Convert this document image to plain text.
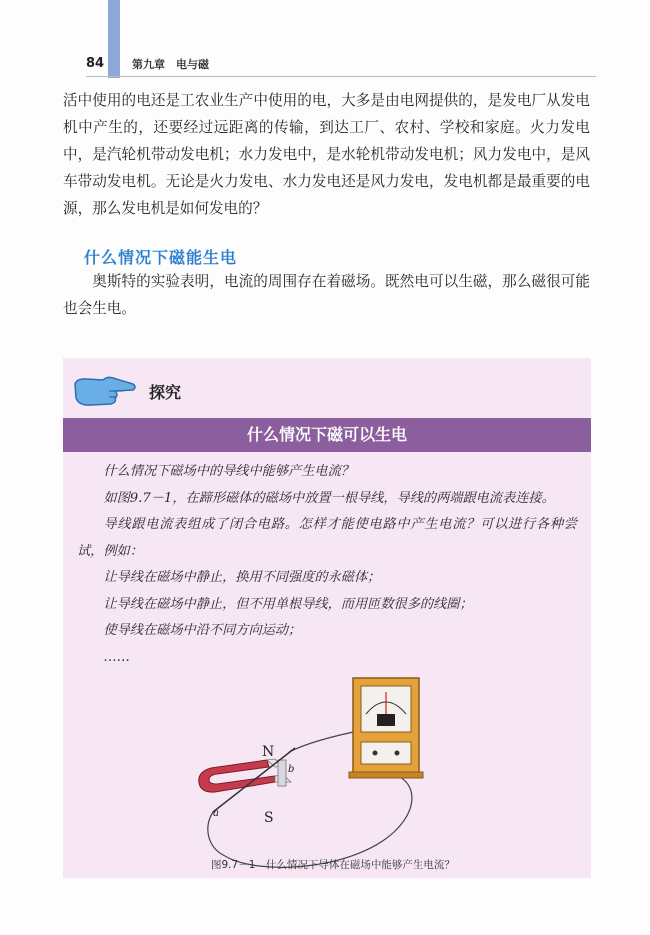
84	第九章　电与磁

活中使用的电还是工农业生产中使用的电，大多是由电网提供的，是发电厂从发电机中产生的，还要经过远距离的传输，到达工厂、农村、学校和家庭。火力发电中，是汽轮机带动发电机；水力发电中，是水轮机带动发电机；风力发电中，是风车带动发电机。无论是火力发电、水力发电还是风力发电，发电机都是最重要的电源，那么发电机是如何发电的？

什么情况下磁能生电

奥斯特的实验表明，电流的周围存在着磁场。既然电可以生磁，那么磁很可能也会生电。

探究
什么情况下磁可以生电

什么情况下磁场中的导线中能够产生电流？

如图9.7－1，在蹄形磁体的磁场中放置一根导线，导线的两端跟电流表连接。

导线跟电流表组成了闭合电路。怎样才能使电路中产生电流？可以进行各种尝试，例如：

让导线在磁场中静止，换用不同强度的永磁体；

让导线在磁场中静止，但不用单根导线，而用匝数很多的线圈；

使导线在磁场中沿不同方向运动；

……

N
S
a
b
图9.7－1　什么情况下导体在磁场中能够产生电流？
